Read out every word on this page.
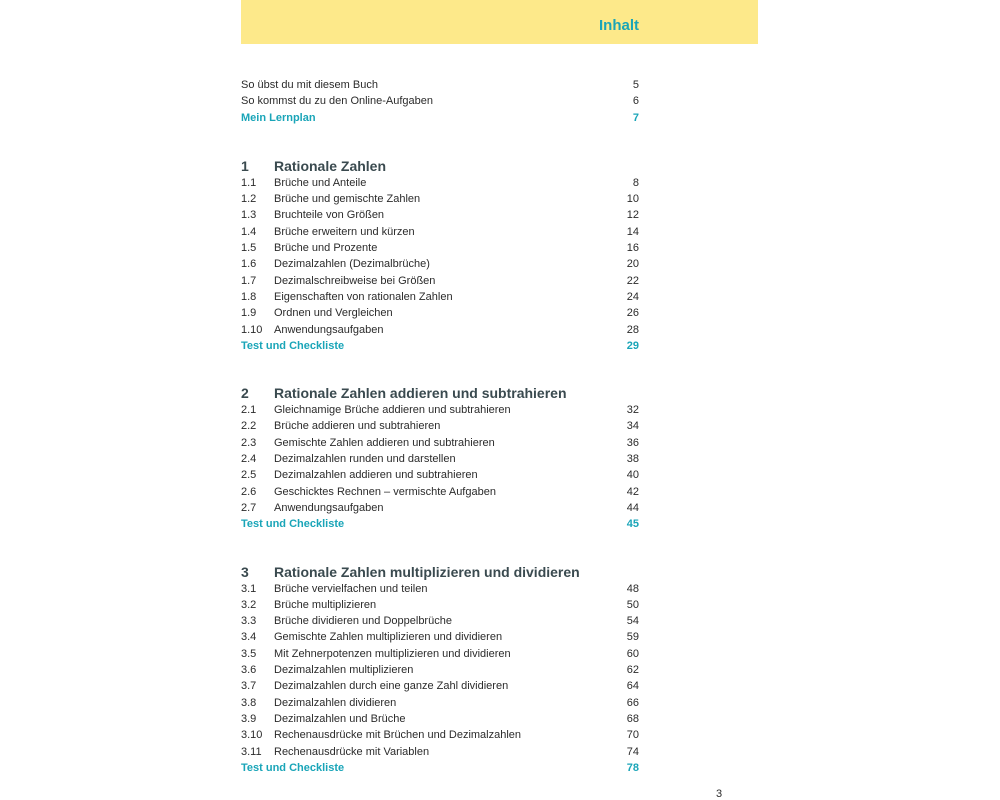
Inhalt
So übst du mit diesem Buch	5
So kommst du zu den Online-Aufgaben	6
Mein Lernplan	7
1	Rationale Zahlen
1.1	Brüche und Anteile	8
1.2	Brüche und gemischte Zahlen	10
1.3	Bruchteile von Größen	12
1.4	Brüche erweitern und kürzen	14
1.5	Brüche und Prozente	16
1.6	Dezimalzahlen (Dezimalbrüche)	20
1.7	Dezimalschreibweise bei Größen	22
1.8	Eigenschaften von rationalen Zahlen	24
1.9	Ordnen und Vergleichen	26
1.10	Anwendungsaufgaben	28
Test und Checkliste	29
2	Rationale Zahlen addieren und subtrahieren
2.1	Gleichnamige Brüche addieren und subtrahieren	32
2.2	Brüche addieren und subtrahieren	34
2.3	Gemischte Zahlen addieren und subtrahieren	36
2.4	Dezimalzahlen runden und darstellen	38
2.5	Dezimalzahlen addieren und subtrahieren	40
2.6	Geschicktes Rechnen – vermischte Aufgaben	42
2.7	Anwendungsaufgaben	44
Test und Checkliste	45
3	Rationale Zahlen multiplizieren und dividieren
3.1	Brüche vervielfachen und teilen	48
3.2	Brüche multiplizieren	50
3.3	Brüche dividieren und Doppelbrüche	54
3.4	Gemischte Zahlen multiplizieren und dividieren	59
3.5	Mit Zehnerpotenzen multiplizieren und dividieren	60
3.6	Dezimalzahlen multiplizieren	62
3.7	Dezimalzahlen durch eine ganze Zahl dividieren	64
3.8	Dezimalzahlen dividieren	66
3.9	Dezimalzahlen und Brüche	68
3.10	Rechenausdrücke mit Brüchen und Dezimalzahlen	70
3.11	Rechenausdrücke mit Variablen	74
Test und Checkliste	78
3
